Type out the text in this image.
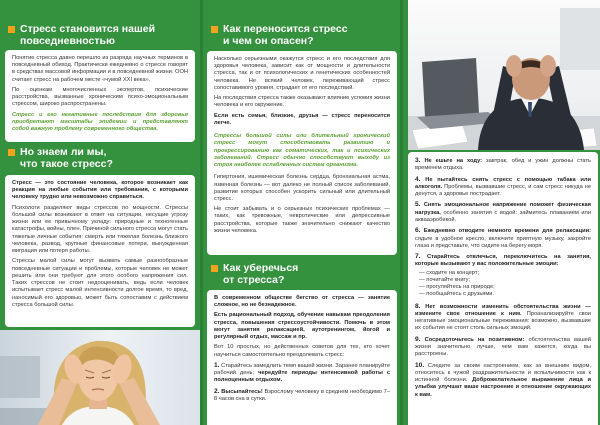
Стресс становится нашей
повседневностью

Понятие стресса давно перешло из разряда научных терминов в повседневный обиход. Практически ежедневно о стрессе говорят в средствах массовой информации и в повседневной жизни. ООН считает стресс на рабочем месте «чумой XXI века».

По оценкам многочисленных экспертов, психические расстройства, вызванные хроническим психо-эмоциональным стрессом, широко распространены.

Стресс и его негативные последствия для здоровья приобретают масштабы эпидемии и представляют собой важную проблему современного общества.

Но знаем ли мы,
что такое стресс?

Стресс — это состояние человека, которое возникает как реакция на любые события или требования, с которыми человеку трудно или невозможно справиться.

Психологи разделяют виды стрессов по мощности. Стрессы большой силы возникают в ответ на ситуации, несущие угрозу жизни или ее привычному укладу: природные и техногенные катастрофы, войны, плен. Причиной сильного стресса могут стать тяжелые личные события: смерть или тяжелая болезнь близкого человека, развод, крупные финансовые потери, вынужденная миграция или потеря работы.

Стрессы малой силы могут вызвать самые разнообразные повседневные ситуации и проблемы, которые человек не может решить или они требуют для этого особого напряжения сил. Таких стрессов не стоит недооценивать, ведь если человек испытывает стресс малой интенсивности долгое время, то вред, наносимый его здоровью, может быть сопоставим с действием стресса большой силы.

Как переносится стресс
и чем он опасен?

Насколько серьезными окажутся стресс и его последствия для здоровья человека, зависит как от мощности и длительности стресса, так и от психологических и генетических особенностей человека. Не всякий человек, переживающий стресс сопоставимого уровня, страдает от его последствий.

На последствия стресса также оказывают влияние условия жизни человека и его окружение.

Если есть семья, близкие, друзья — стресс переносится легче.

Стрессы большой силы или длительный хронический стресс могут способствовать развитию и прогрессированию как соматических, так и психических заболеваний. Стресс обычно способствует выходу из строя наиболее ослабленных систем организма.

Гипертония, ишемическая болезнь сердца, бронхиальная астма, язвенная болезнь — вот далеко не полный список заболеваний, развитие которых способен ускорить сильный или длительный стресс.

Не стоит забывать и о серьезных психических проблемах — таких, как тревожные, невротические или депрессивные расстройства, которые также значительно снижают качество жизни человека.

Как уберечься
от стресса?

В современном обществе бегство от стресса — занятие сложное, но не безнадежное.

Есть рациональный подход, обучение навыкам преодоления стресса, повышения стрессоустойчивости. Помочь в этом могут занятия релаксацией, аутотренингом, йогой и регулярный отдых, массаж и пр.

Вот 10 простых, но действенных советов для тех, кто хочет научиться самостоятельно преодолевать стресс:

1. Старайтесь замедлить темп вашей жизни. Заранее планируйте рабочий день; чередуйте периоды интенсивной работы с полноценным отдыхом.

2. Высыпайтесь! Взрослому человеку в среднем необходимо 7–8 часов сна в сутки.

3. Не ешьте на ходу: завтрак, обед и ужин должны стать временем отдыха.

4. Не пытайтесь снять стресс с помощью табака или алкоголя. Проблемы, вызвавшие стресс, и сам стресс никуда не денутся, а здоровье пострадает.

5. Снять эмоциональное напряжение поможет физическая нагрузка, особенно занятия с водой: займитесь плаванием или аквааэробикой.

6. Ежедневно отводите немного времени для релаксации: сядьте в удобное кресло, включите приятную музыку, закройте глаза и представьте, что сидите на берегу моря.

7. Старайтесь отвлечься, переключитесь на занятия, которые вызывают у вас положительные эмоции:

— сходите на концерт;
— почитайте книгу;
— прогуляйтесь на природе;
— пообщайтесь с друзьями.

8. Нет возможности изменить обстоятельства жизни — измените свое отношение к ним. Проанализируйте свои негативные эмоциональные переживания: возможно, вызвавшие их события не стоят столь сильных эмоций.

9. Сосредоточьтесь на позитивном: обстоятельства вашей жизни значительно лучше, чем вам кажется, когда вы расстроены.

10. Следите за своим настроением, как за внешним видом, относитесь к чужой раздражительности и вспыльчивости как к истинной болезни. Доброжелательное выражение лица и улыбка улучшат ваше настроение и отношение окружающих к вам.
